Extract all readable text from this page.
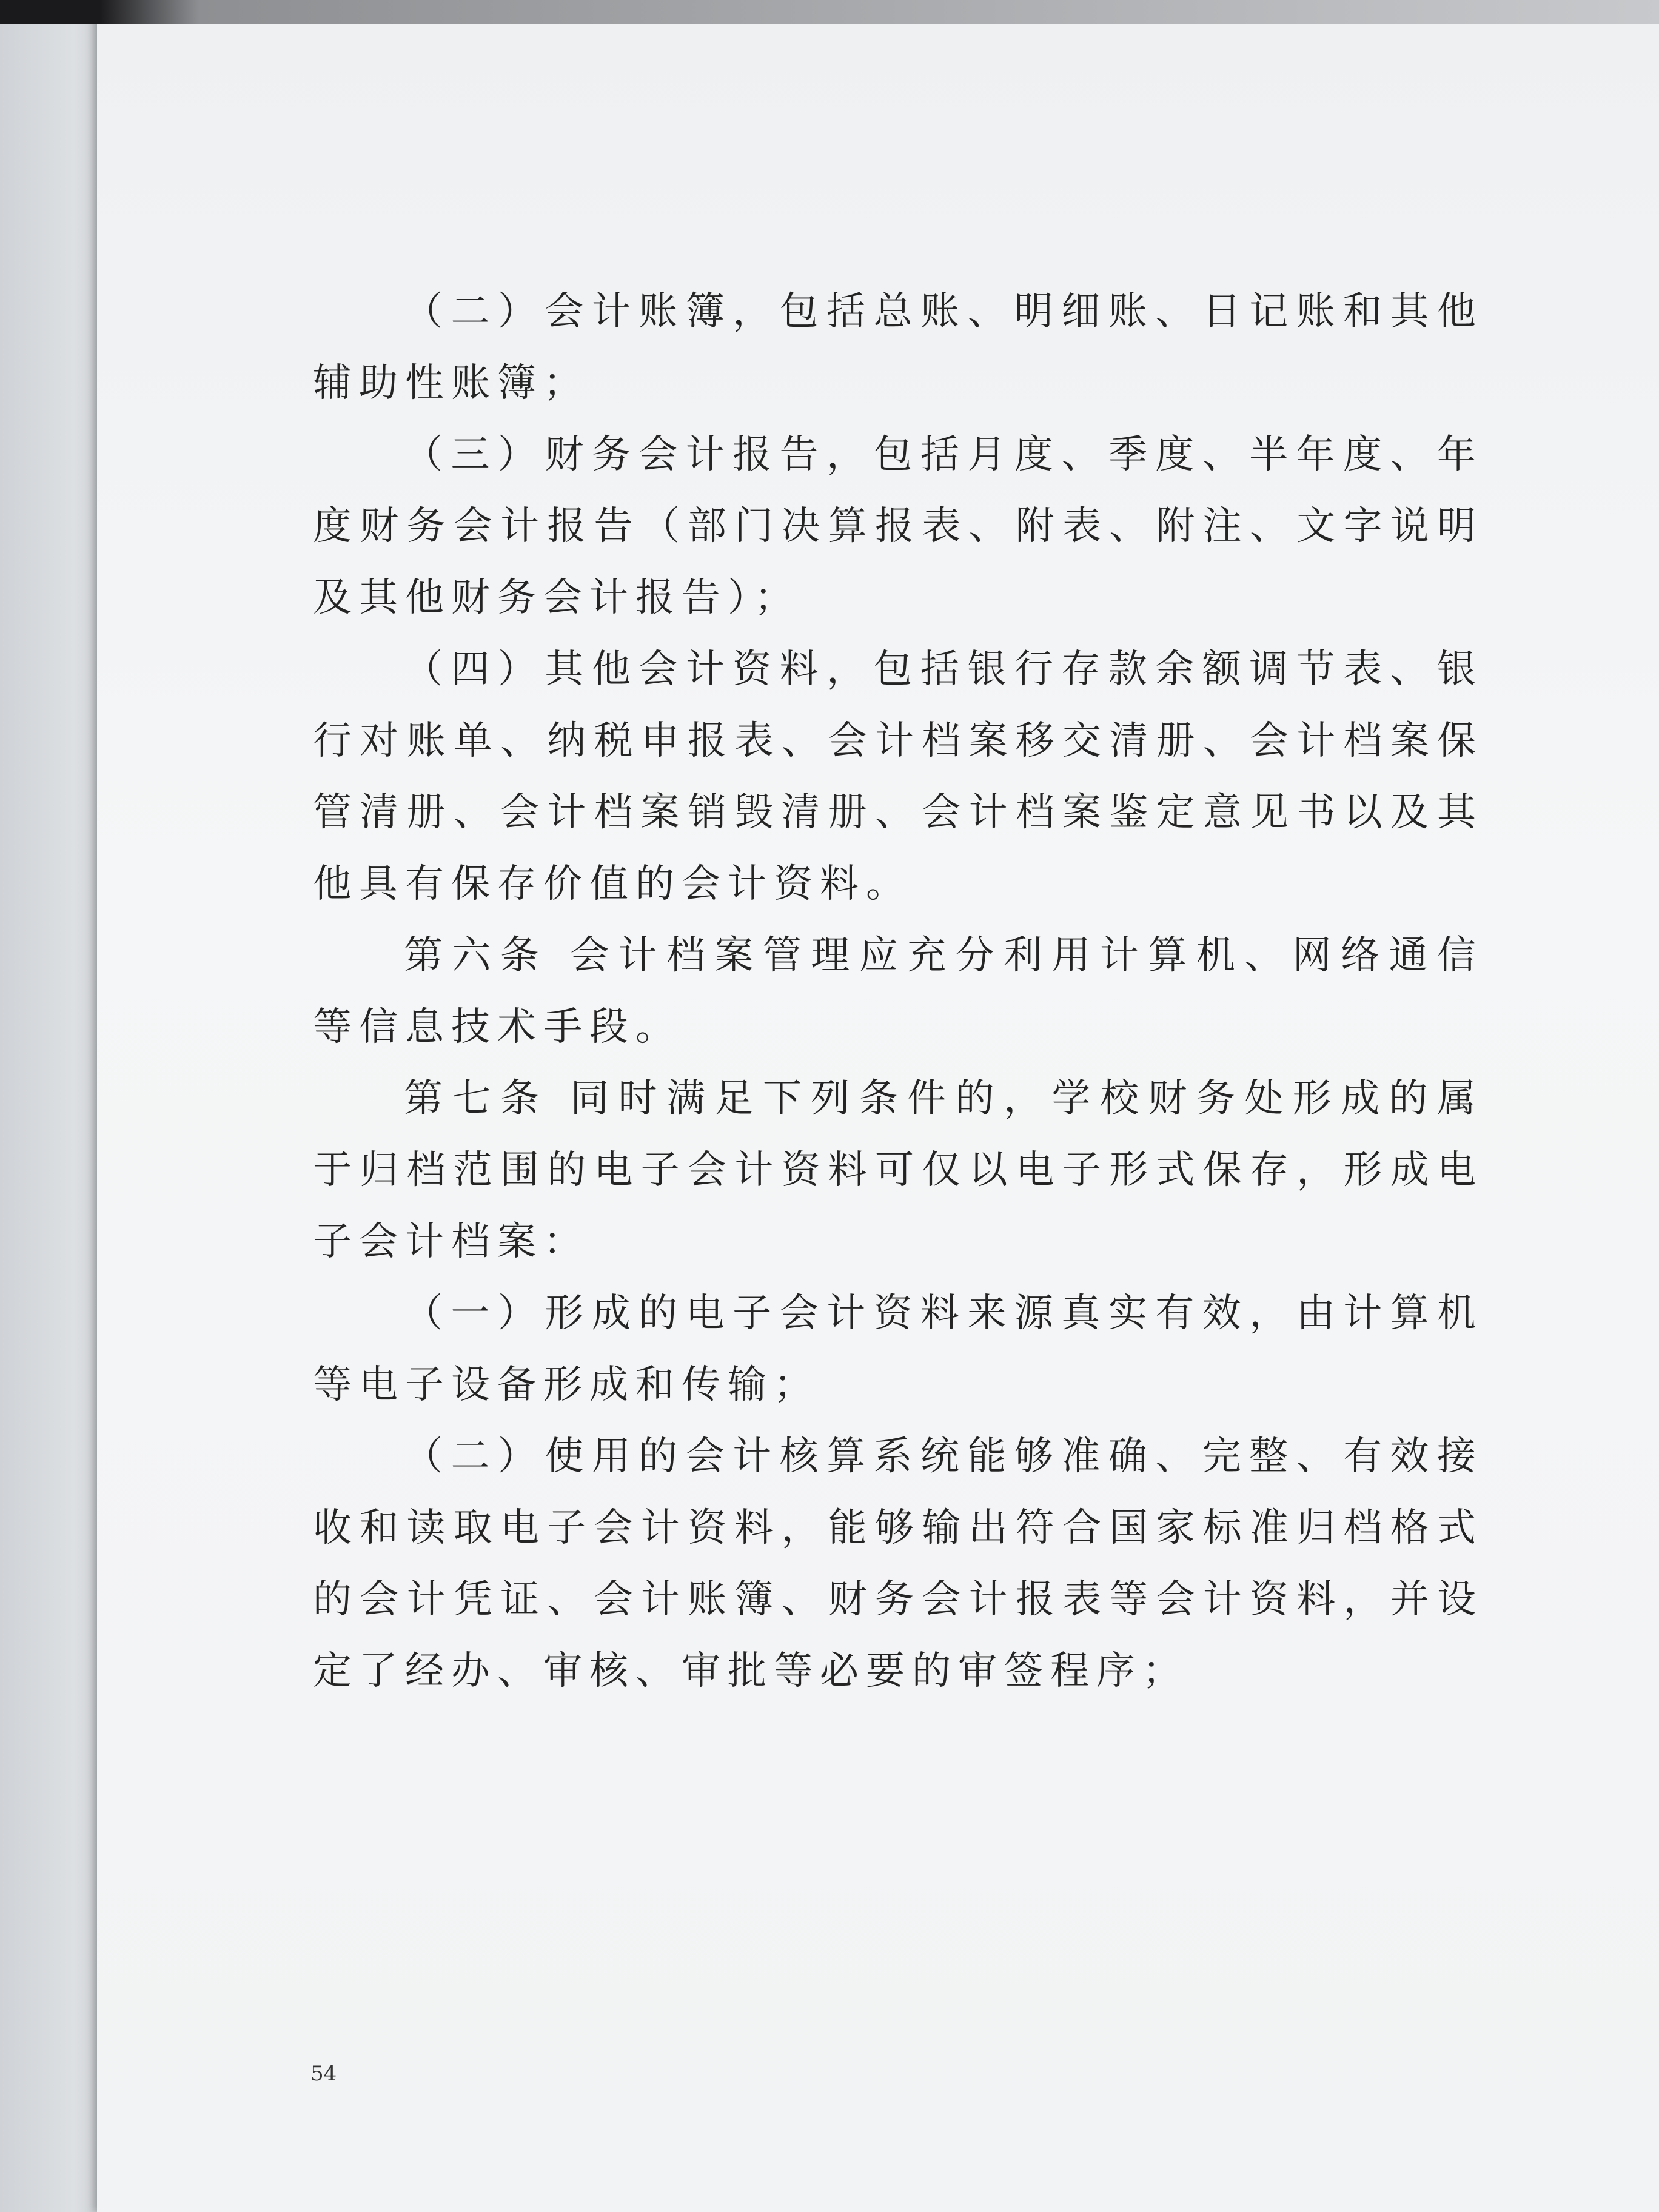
（二）会计账簿，包括总账、明细账、日记账和其他辅助性账簿；

（三）财务会计报告，包括月度、季度、半年度、年度财务会计报告（部门决算报表、附表、附注、文字说明及其他财务会计报告）；

（四）其他会计资料，包括银行存款余额调节表、银行对账单、纳税申报表、会计档案移交清册、会计档案保管清册、会计档案销毁清册、会计档案鉴定意见书以及其他具有保存价值的会计资料。

第六条 会计档案管理应充分利用计算机、网络通信等信息技术手段。

第七条 同时满足下列条件的，学校财务处形成的属于归档范围的电子会计资料可仅以电子形式保存，形成电子会计档案：

（一）形成的电子会计资料来源真实有效，由计算机等电子设备形成和传输；

（二）使用的会计核算系统能够准确、完整、有效接收和读取电子会计资料，能够输出符合国家标准归档格式的会计凭证、会计账簿、财务会计报表等会计资料，并设定了经办、审核、审批等必要的审签程序；

54
